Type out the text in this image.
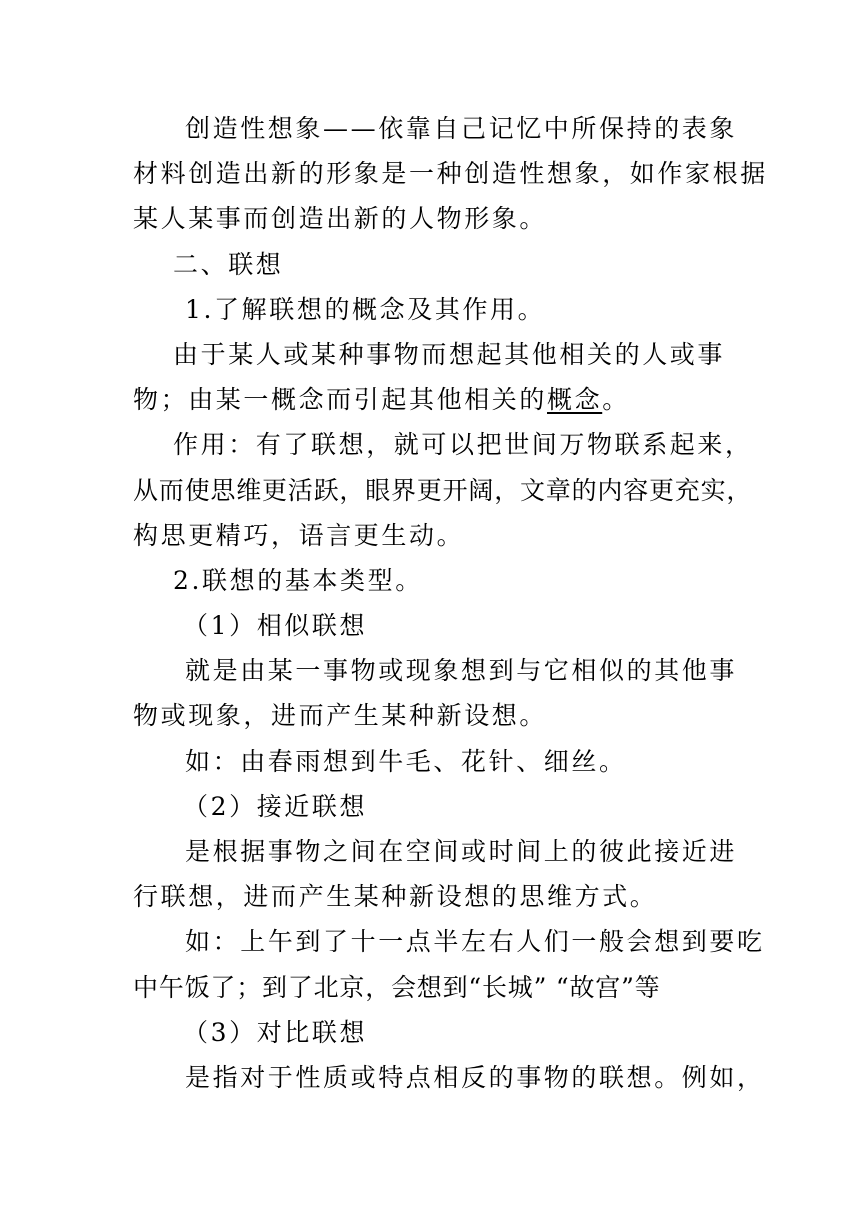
创造性想象——依靠自己记忆中所保持的表象
材料创造出新的形象是一种创造性想象，如作家根据
某人某事而创造出新的人物形象。
二、联想
1.了解联想的概念及其作用。
由于某人或某种事物而想起其他相关的人或事
物；由某一概念而引起其他相关的概念。
作用：有了联想，就可以把世间万物联系起来，
从而使思维更活跃，眼界更开阔，文章的内容更充实，
构思更精巧，语言更生动。
2.联想的基本类型。
（1）相似联想
就是由某一事物或现象想到与它相似的其他事
物或现象，进而产生某种新设想。
如：由春雨想到牛毛、花针、细丝。
（2）接近联想
是根据事物之间在空间或时间上的彼此接近进
行联想，进而产生某种新设想的思维方式。
如：上午到了十一点半左右人们一般会想到要吃
中午饭了；到了北京，会想到“长城” “故宫”等
（3）对比联想
是指对于性质或特点相反的事物的联想。例如，
